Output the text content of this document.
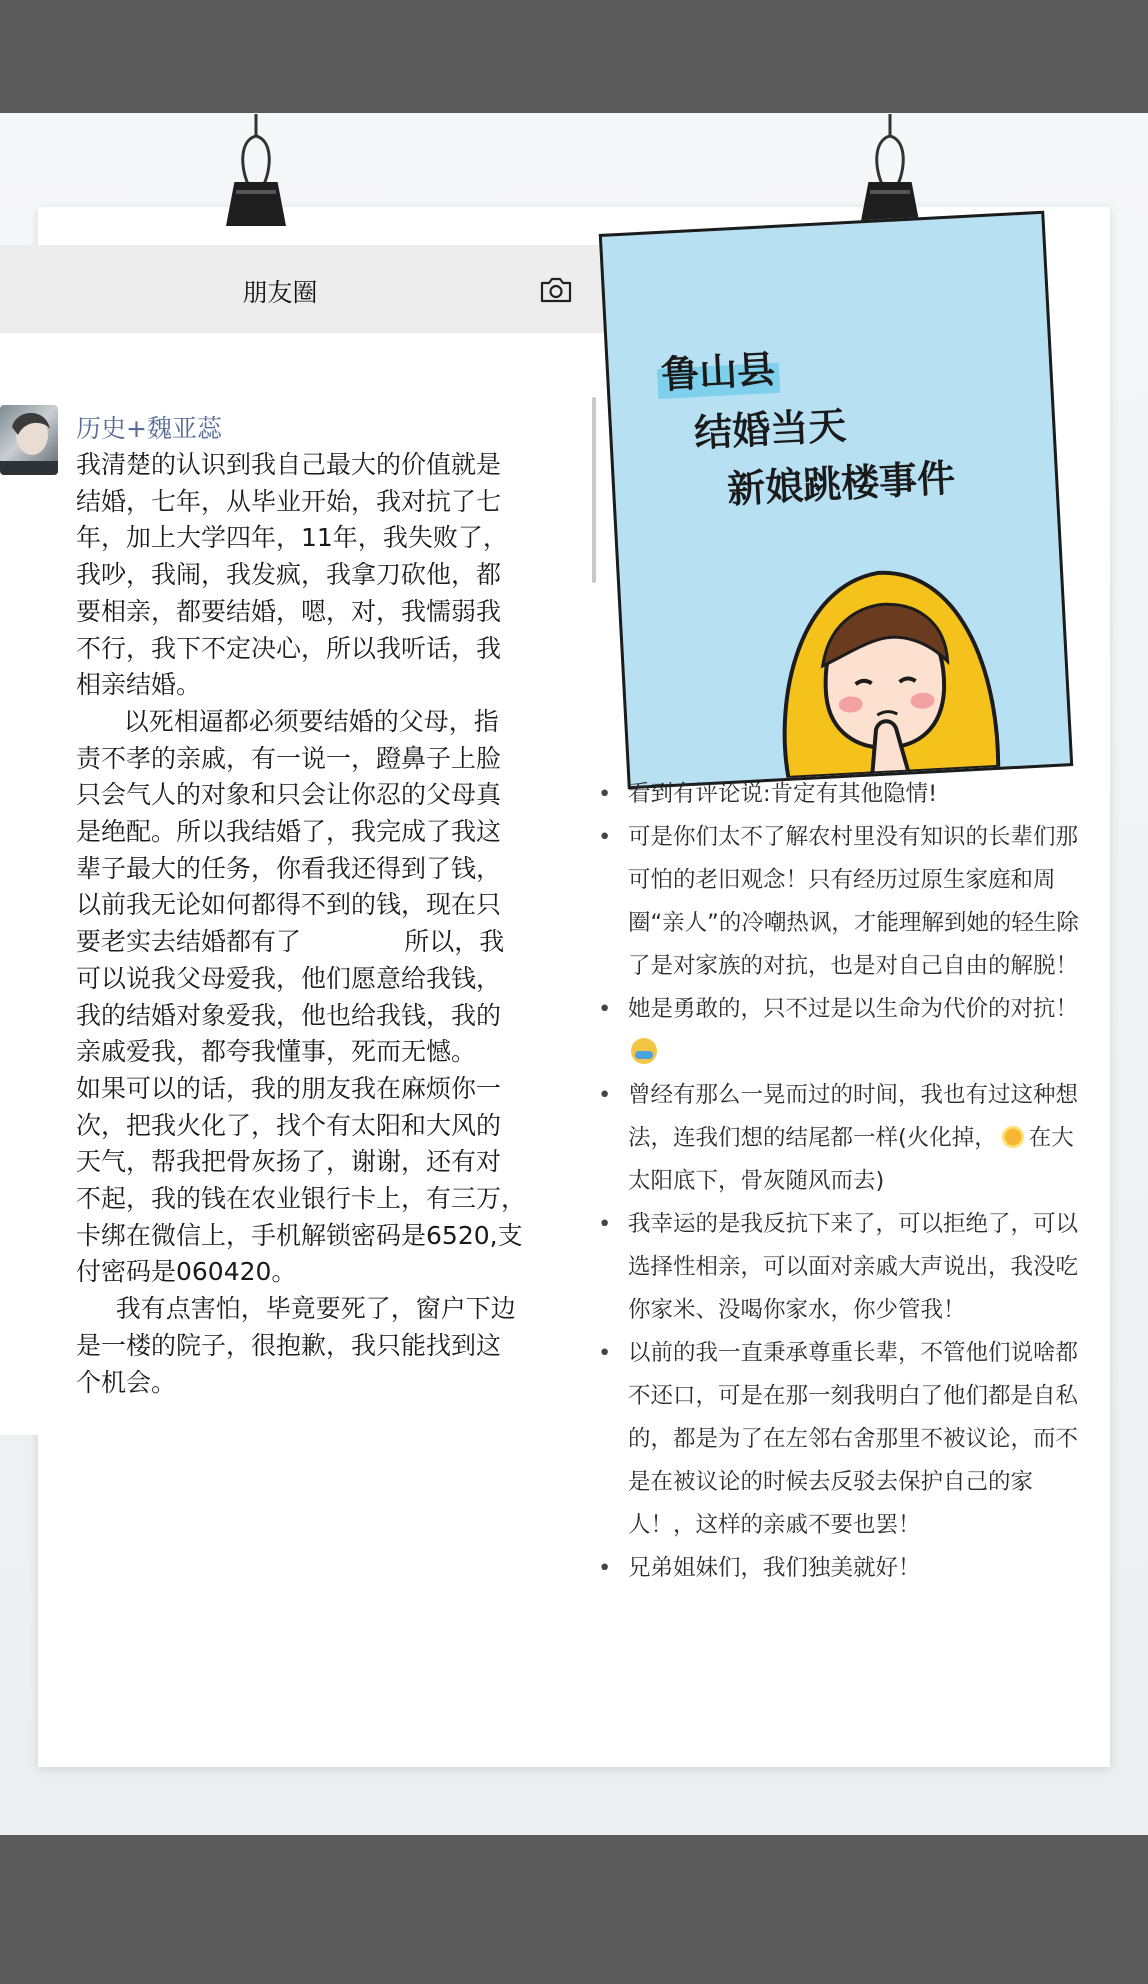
朋友圈
历史+魏亚蕊
我清楚的认识到我自己最大的价值就是
结婚，七年，从毕业开始，我对抗了七
年，加上大学四年，11年，我失败了，
我吵，我闹，我发疯，我拿刀砍他，都
要相亲，都要结婚，嗯，对，我懦弱我
不行，我下不定决心，所以我听话，我
相亲结婚。
以死相逼都必须要结婚的父母，指
责不孝的亲戚，有一说一，蹬鼻子上脸
只会气人的对象和只会让你忍的父母真
是绝配。所以我结婚了，我完成了我这
辈子最大的任务，你看我还得到了钱，
以前我无论如何都得不到的钱，现在只
要老实去结婚都有了             所以，我
可以说我父母爱我，他们愿意给我钱，
我的结婚对象爱我，他也给我钱，我的
亲戚爱我，都夸我懂事，死而无憾。
如果可以的话，我的朋友我在麻烦你一
次，把我火化了，找个有太阳和大风的
天气，帮我把骨灰扬了，谢谢，还有对
不起，我的钱在农业银行卡上，有三万，
卡绑在微信上，手机解锁密码是6520,支
付密码是060420。
我有点害怕，毕竟要死了，窗户下边
是一楼的院子，很抱歉，我只能找到这
个机会。
鲁山县
结婚当天
新娘跳楼事件
• 看到有评论说:肯定有其他隐情!
• 可是你们太不了解农村里没有知识的长辈们那可怕的老旧观念！只有经历过原生家庭和周圈“亲人”的冷嘲热讽，才能理解到她的轻生除了是对家族的对抗，也是对自己自由的解脱！
• 她是勇敢的，只不过是以生命为代价的对抗！
• 曾经有那么一晃而过的时间，我也有过这种想法，连我们想的结尾都一样(火化掉， 在大太阳底下，骨灰随风而去)
• 我幸运的是我反抗下来了，可以拒绝了，可以选择性相亲，可以面对亲戚大声说出，我没吃你家米、没喝你家水，你少管我！
• 以前的我一直秉承尊重长辈，不管他们说啥都不还口，可是在那一刻我明白了他们都是自私的，都是为了在左邻右舍那里不被议论，而不是在被议论的时候去反驳去保护自己的家人！，这样的亲戚不要也罢！
• 兄弟姐妹们，我们独美就好！
